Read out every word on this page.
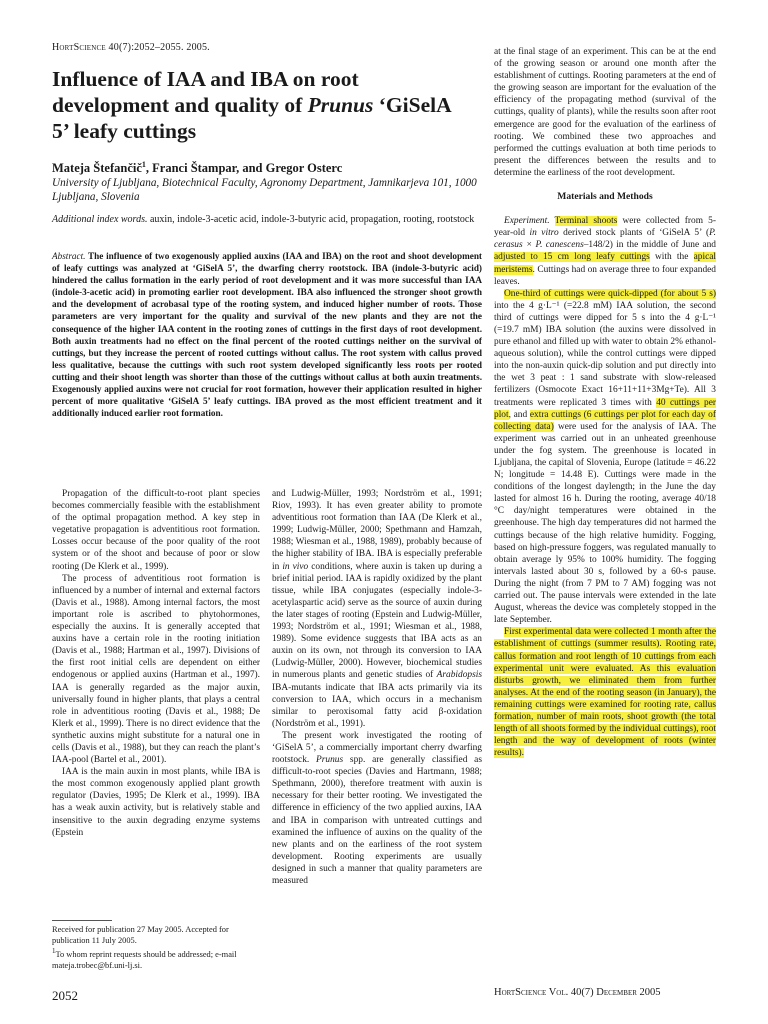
HortScience 40(7):2052–2055. 2005.
Influence of IAA and IBA on root development and quality of Prunus ‘GiSelA 5’ leafy cuttings
Mateja Štefančič$^1$, Franci Štampar, and Gregor Osterc
University of Ljubljana, Biotechnical Faculty, Agronomy Department, Jamnikarjeva 101, 1000 Ljubljana, Slovenia
Additional index words. auxin, indole-3-acetic acid, indole-3-butyric acid, propagation, rooting, rootstock
Abstract. The influence of two exogenously applied auxins (IAA and IBA) on the root and shoot development of leafy cuttings was analyzed at ‘GiSelA 5’, the dwarfing cherry rootstock. IBA (indole-3-butyric acid) hindered the callus formation in the early period of root development and it was more successful than IAA (indole-3-acetic acid) in promoting earlier root development. IBA also influenced the stronger shoot growth and the development of acrobasal type of the rooting system, and induced higher number of roots. Those parameters are very important for the quality and survival of the new plants and they are not the consequence of the higher IAA content in the rooting zones of cuttings in the first days of root development. Both auxin treatments had no effect on the final percent of the rooted cuttings neither on the survival of cuttings, but they increase the percent of rooted cuttings without callus. The root system with callus proved less qualitative, because the cuttings with such root system developed significantly less roots per rooted cutting and their shoot length was shorter than those of the cuttings without callus at both auxin treatments. Exogenously applied auxins were not crucial for root formation, however their application resulted in higher percent of more qualitative ‘GiSelA 5’ leafy cuttings. IBA proved as the most efficient treatment and it additionally induced earlier root formation.

Propagation of the difficult-to-root plant species becomes commercially feasible with the establishment of the optimal propagation method. A key step in vegetative propagation is adventitious root formation. Losses occur because of the poor quality of the root system or of the shoot and because of poor or slow rooting (De Klerk et al., 1999).

The process of adventitious root formation is influenced by a number of internal and external factors (Davis et al., 1988). Among internal factors, the most important role is ascribed to phytohormones, especially the auxins. It is generally accepted that auxins have a certain role in the rooting initiation (Davis et al., 1988; Hartman et al., 1997). Divisions of the first root initial cells are dependent on either endogenous or applied auxins (Hartman et al., 1997). IAA is generally regarded as the major auxin, universally found in higher plants, that plays a central role in adventitious rooting (Davis et al., 1988; De Klerk et al., 1999). There is no direct evidence that the synthetic auxins might substitute for a natural one in cells (Davis et al., 1988), but they can reach the plant’s IAA-pool (Bartel et al., 2001).

IAA is the main auxin in most plants, while IBA is the most common exogenously applied plant growth regulator (Davies, 1995; De Klerk et al., 1999). IBA has a weak auxin activity, but is relatively stable and insensitive to the auxin degrading enzyme systems (Epstein

and Ludwig-Müller, 1993; Nordström et al., 1991; Riov, 1993). It has even greater ability to promote adventitious root formation than IAA (De Klerk et al., 1999; Ludwig-Müller, 2000; Spethmann and Hamzah, 1988; Wiesman et al., 1988, 1989), probably because of the higher stability of IBA. IBA is especially preferable in in vivo conditions, where auxin is taken up during a brief initial period. IAA is rapidly oxidized by the plant tissue, while IBA conjugates (especially indole-3-acetylaspartic acid) serve as the source of auxin during the later stages of rooting (Epstein and Ludwig-Müller, 1993; Nordström et al., 1991; Wiesman et al., 1988, 1989). Some evidence suggests that IBA acts as an auxin on its own, not through its conversion to IAA (Ludwig-Müller, 2000). However, biochemical studies in numerous plants and genetic studies of Arabidopsis IBA-mutants indicate that IBA acts primarily via its conversion to IAA, which occurs in a mechanism similar to peroxisomal fatty acid β-oxidation (Nordström et al., 1991).

The present work investigated the rooting of ‘GiSelA 5’, a commercially important cherry dwarfing rootstock. Prunus spp. are generally classified as difficult-to-root species (Davies and Hartmann, 1988; Spethmann, 2000), therefore treatment with auxin is necessary for their better rooting. We investigated the difference in efficiency of the two applied auxins, IAA and IBA in comparison with untreated cuttings and examined the influence of auxins on the quality of the new plants and on the earliness of the root system development. Rooting experiments are usually designed in such a manner that quality parameters are measured

at the final stage of an experiment. This can be at the end of the growing season or around one month after the establishment of cuttings. Rooting parameters at the end of the growing season are important for the evaluation of the efficiency of the propagating method (survival of the cuttings, quality of plants), while the results soon after root emergence are good for the evaluation of the earliness of rooting. We combined these two approaches and performed the cuttings evaluation at both time periods to present the differences between the results and to determine the earliness of the root development.

Materials and Methods

Experiment. Terminal shoots were collected from 5-year-old in vitro derived stock plants of ‘GiSelA 5’ (P. cerasus × P. canescens–148/2) in the middle of June and adjusted to 15 cm long leafy cuttings with the apical meristems. Cuttings had on average three to four expanded leaves.

One-third of cuttings were quick-dipped (for about 5 s) into the 4 g·L⁻¹ (=22.8 mM) IAA solution, the second third of cuttings were dipped for 5 s into the 4 g·L⁻¹ (=19.7 mM) IBA solution (the auxins were dissolved in pure ethanol and filled up with water to obtain 2% ethanol-aqueous solution), while the control cuttings were dipped into the non-auxin quick-dip solution and put directly into the wet 3 peat : 1 sand substrate with slow-released fertilizers (Osmocote Exact 16+11+11+3Mg+Te). All 3 treatments were replicated 3 times with 40 cuttings per plot, and extra cuttings (6 cuttings per plot for each day of collecting data) were used for the analysis of IAA. The experiment was carried out in an unheated greenhouse under the fog system. The greenhouse is located in Ljubljana, the capital of Slovenia, Europe (latitude = 46.22 N; longitude = 14.48 E). Cuttings were made in the conditions of the longest daylength; in the June the day lasted for almost 16 h. During the rooting, average 40/18 °C day/night temperatures were obtained in the greenhouse. The high day temperatures did not harmed the cuttings because of the high relative humidity. Fogging, based on high-pressure foggers, was regulated manually to obtain average ly 95% to 100% humidity. The fogging intervals lasted about 30 s, followed by a 60-s pause. During the night (from 7 PM to 7 AM) fogging was not carried out. The pause intervals were extended in the late August, whereas the device was completely stopped in the late September.

First experimental data were collected 1 month after the establishment of cuttings (summer results). Rooting rate, callus formation and root length of 10 cuttings from each experimental unit were evaluated. As this evaluation disturbs growth, we eliminated them from further analyses. At the end of the rooting season (in January), the remaining cuttings were examined for rooting rate, callus formation, number of main roots, shoot growth (the total length of all shoots formed by the individual cuttings), root length and the way of development of roots (winter results).

Received for publication 27 May 2005. Accepted for publication 11 July 2005.
$^1$To whom reprint requests should be addressed; e-mail mateja.trobec@bf.uni-lj.si.
2052	HortScience Vol. 40(7) December 2005
